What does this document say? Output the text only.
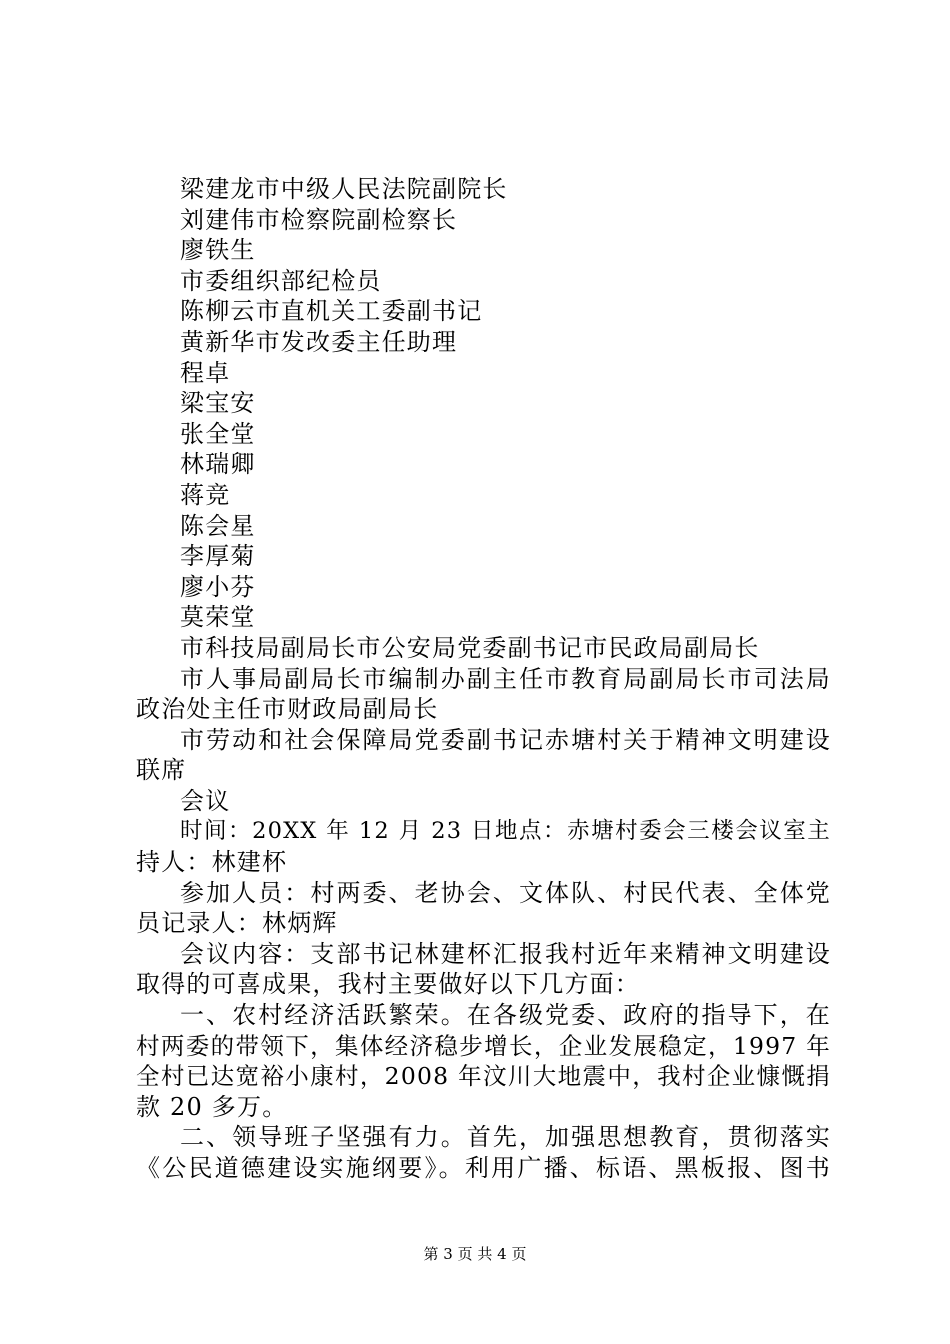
梁建龙市中级人民法院副院长
刘建伟市检察院副检察长
廖铁生
市委组织部纪检员
陈柳云市直机关工委副书记
黄新华市发改委主任助理
程卓
梁宝安
张全堂
林瑞卿
蒋竞
陈会星
李厚菊
廖小芬
莫荣堂
市科技局副局长市公安局党委副书记市民政局副局长
市人事局副局长市编制办副主任市教育局副局长市司法局
政治处主任市财政局副局长
市劳动和社会保障局党委副书记赤塘村关于精神文明建设
联席
会议
时间：20XX 年 12 月 23 日地点：赤塘村委会三楼会议室主
持人：林建杯
参加人员：村两委、老协会、文体队、村民代表、全体党
员记录人：林炳辉
会议内容：支部书记林建杯汇报我村近年来精神文明建设
取得的可喜成果，我村主要做好以下几方面：
一、农村经济活跃繁荣。在各级党委、政府的指导下，在
村两委的带领下，集体经济稳步增长，企业发展稳定，1997 年
全村已达宽裕小康村，2008 年汶川大地震中，我村企业慷慨捐
款 20 多万。
二、领导班子坚强有力。首先，加强思想教育，贯彻落实
《公民道德建设实施纲要》。利用广播、标语、黑板报、图书
第 3 页 共 4 页
